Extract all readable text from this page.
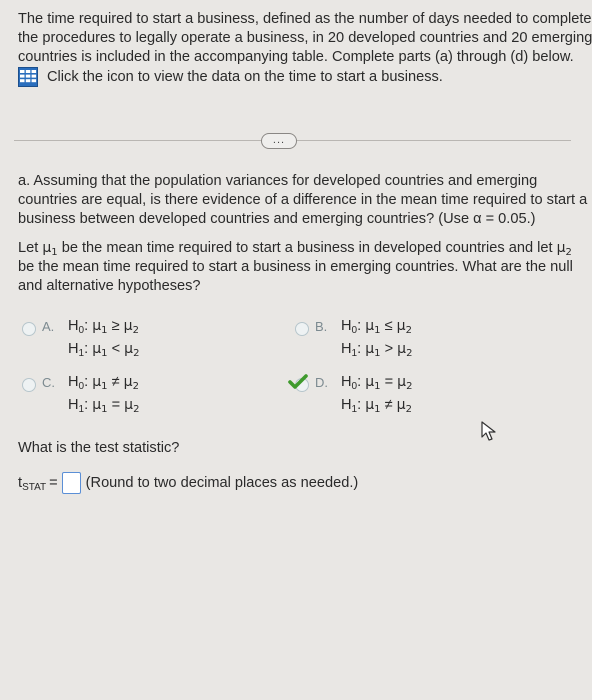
The time required to start a business, defined as the number of days needed to complete
the procedures to legally operate a business, in 20 developed countries and 20 emerging
countries is included in the accompanying table. Complete parts (a) through (d) below.
Click the icon to view the data on the time to start a business.
...
a. Assuming that the population variances for developed countries and emerging
countries are equal, is there evidence of a difference in the mean time required to start a
business between developed countries and emerging countries? (Use α = 0.05.)
Let $\mu_1$ be the mean time required to start a business in developed countries and let $\mu_2$
be the mean time required to start a business in emerging countries. What are the null
and alternative hypotheses?
A. $H_0$: $\mu_1 \ge \mu_2$
$H_1$: $\mu_1 < \mu_2$
B. $H_0$: $\mu_1 \le \mu_2$
$H_1$: $\mu_1 > \mu_2$
C. $H_0$: $\mu_1 \ne \mu_2$
$H_1$: $\mu_1 = \mu_2$
D. $H_0$: $\mu_1 = \mu_2$
$H_1$: $\mu_1 \ne \mu_2$
What is the test statistic?
$t_{STAT}$ = (Round to two decimal places as needed.)
